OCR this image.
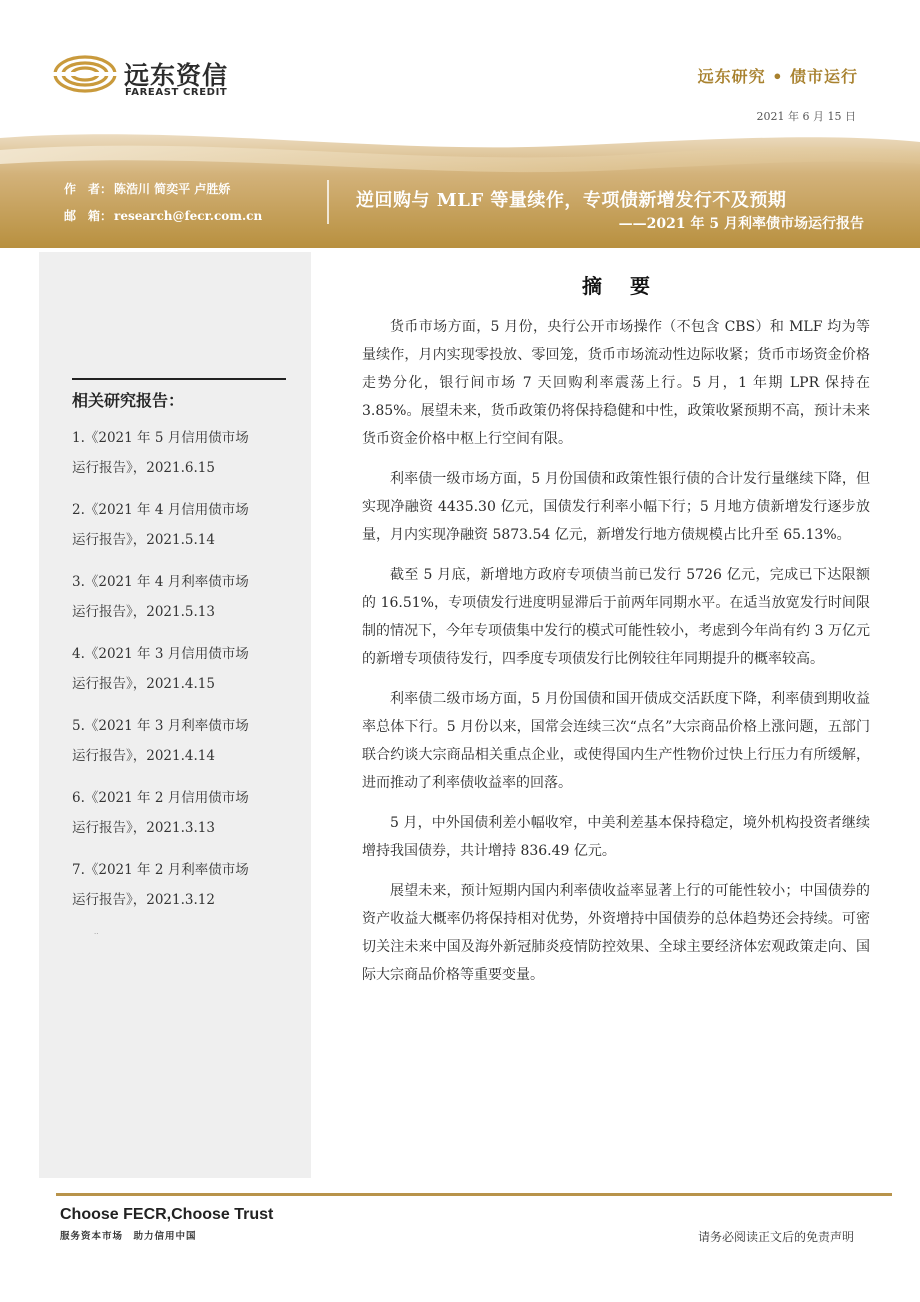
远东资信
FAREAST CREDIT
远东研究 • 债市运行
2021 年 6 月 15 日
作　者： 陈浩川 简奕平 卢胜娇
邮　箱： research@fecr.com.cn
逆回购与 MLF 等量续作，专项债新增发行不及预期
——2021 年 5 月利率债市场运行报告
相关研究报告：
1.《2021 年 5 月信用债市场
运行报告》，2021.6.15
2.《2021 年 4 月信用债市场
运行报告》，2021.5.14
3.《2021 年 4 月利率债市场
运行报告》，2021.5.13
4.《2021 年 3 月信用债市场
运行报告》，2021.4.15
5.《2021 年 3 月利率债市场
运行报告》，2021.4.14
6.《2021 年 2 月信用债市场
运行报告》，2021.3.13
7.《2021 年 2 月利率债市场
运行报告》，2021.3.12
··
摘要

货币市场方面，5 月份，央行公开市场操作（不包含 CBS）和 MLF 均为等量续作，月内实现零投放、零回笼，货币市场流动性边际收紧；货币市场资金价格走势分化，银行间市场 7 天回购利率震荡上行。5 月，1 年期 LPR 保持在 3.85%。展望未来，货币政策仍将保持稳健和中性，政策收紧预期不高，预计未来货币资金价格中枢上行空间有限。

利率债一级市场方面，5 月份国债和政策性银行债的合计发行量继续下降，但实现净融资 4435.30 亿元，国债发行利率小幅下行；5 月地方债新增发行逐步放量，月内实现净融资 5873.54 亿元，新增发行地方债规模占比升至 65.13%。

截至 5 月底，新增地方政府专项债当前已发行 5726 亿元，完成已下达限额的 16.51%，专项债发行进度明显滞后于前两年同期水平。在适当放宽发行时间限制的情况下，今年专项债集中发行的模式可能性较小，考虑到今年尚有约 3 万亿元的新增专项债待发行，四季度专项债发行比例较往年同期提升的概率较高。

利率债二级市场方面，5 月份国债和国开债成交活跃度下降，利率债到期收益率总体下行。5 月份以来，国常会连续三次“点名”大宗商品价格上涨问题，五部门联合约谈大宗商品相关重点企业，或使得国内生产性物价过快上行压力有所缓解，进而推动了利率债收益率的回落。

5 月，中外国债利差小幅收窄，中美利差基本保持稳定，境外机构投资者继续增持我国债券，共计增持 836.49 亿元。

展望未来，预计短期内国内利率债收益率显著上行的可能性较小；中国债券的资产收益大概率仍将保持相对优势，外资增持中国债券的总体趋势还会持续。可密切关注未来中国及海外新冠肺炎疫情防控效果、全球主要经济体宏观政策走向、国际大宗商品价格等重要变量。

Choose FECR,Choose Trust
服务资本市场　助力信用中国	请务必阅读正文后的免责声明
